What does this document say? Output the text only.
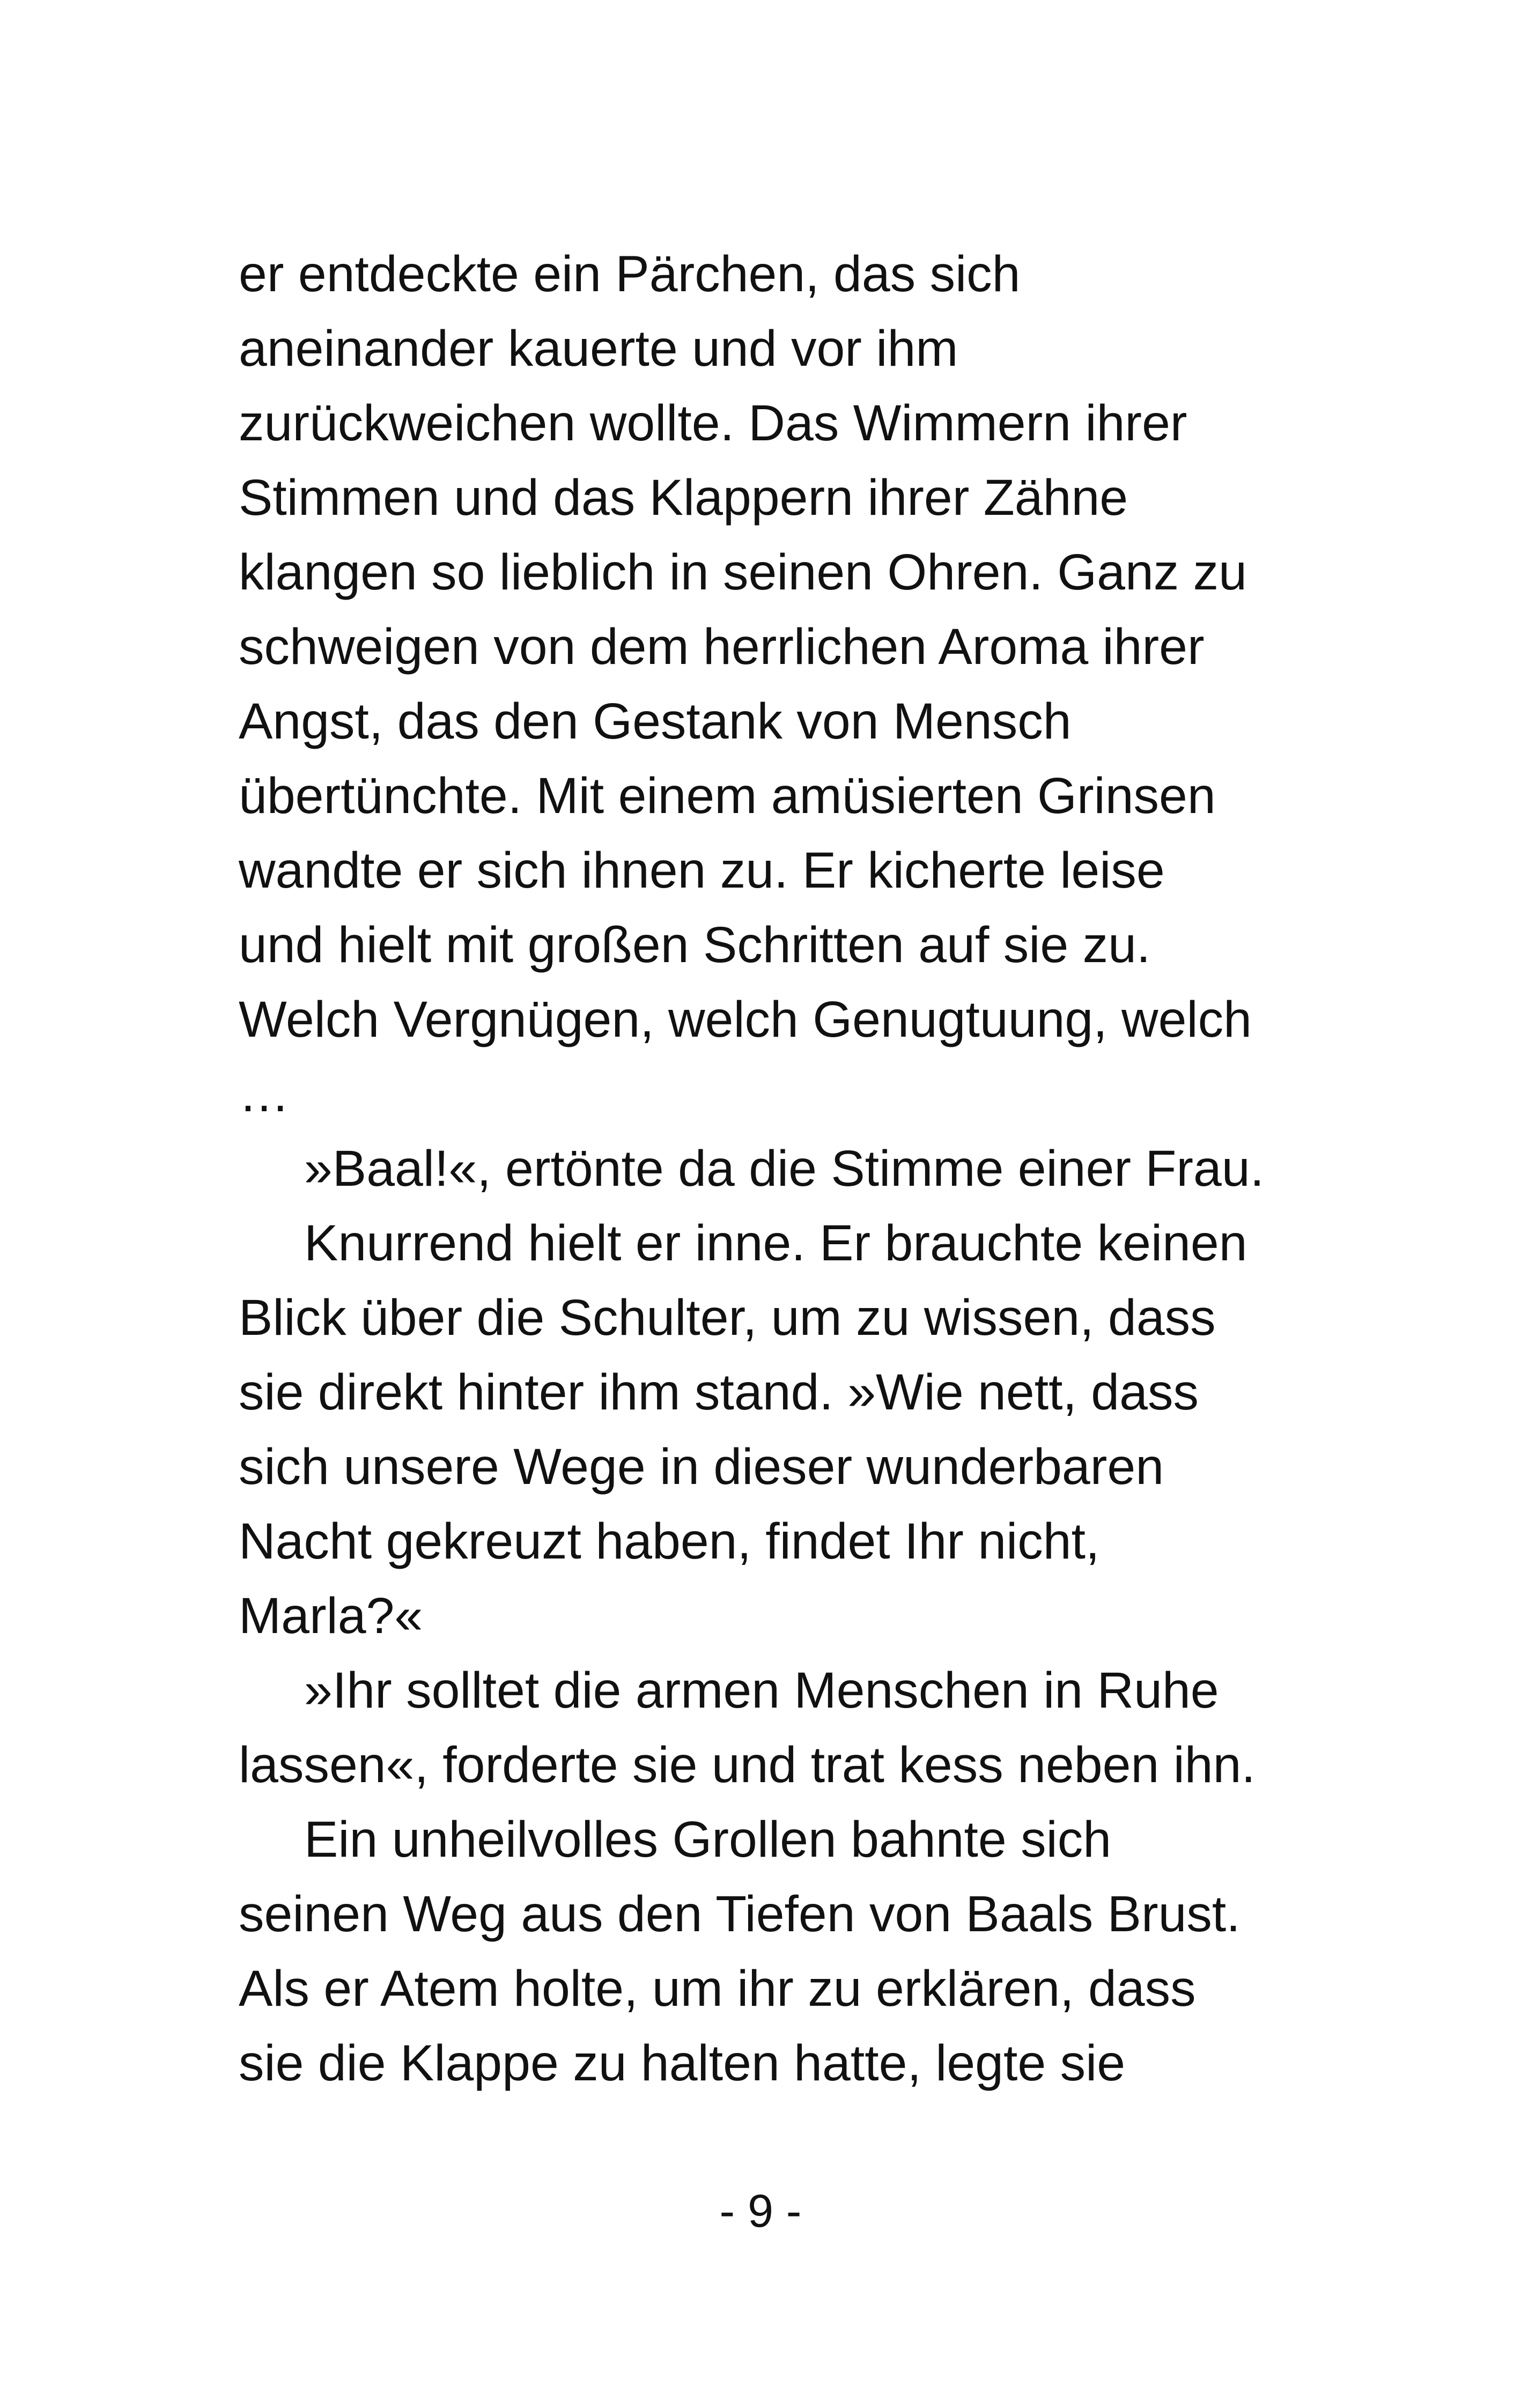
er entdeckte ein Pärchen, das sich
aneinander kauerte und vor ihm
zurückweichen wollte. Das Wimmern ihrer
Stimmen und das Klappern ihrer Zähne
klangen so lieblich in seinen Ohren. Ganz zu
schweigen von dem herrlichen Aroma ihrer
Angst, das den Gestank von Mensch
übertünchte. Mit einem amüsierten Grinsen
wandte er sich ihnen zu. Er kicherte leise
und hielt mit großen Schritten auf sie zu.
Welch Vergnügen, welch Genugtuung, welch
…
»Baal!«, ertönte da die Stimme einer Frau.
Knurrend hielt er inne. Er brauchte keinen
Blick über die Schulter, um zu wissen, dass
sie direkt hinter ihm stand. »Wie nett, dass
sich unsere Wege in dieser wunderbaren
Nacht gekreuzt haben, findet Ihr nicht,
Marla?«
»Ihr solltet die armen Menschen in Ruhe
lassen«, forderte sie und trat kess neben ihn.
Ein unheilvolles Grollen bahnte sich
seinen Weg aus den Tiefen von Baals Brust.
Als er Atem holte, um ihr zu erklären, dass
sie die Klappe zu halten hatte, legte sie
- 9 -
